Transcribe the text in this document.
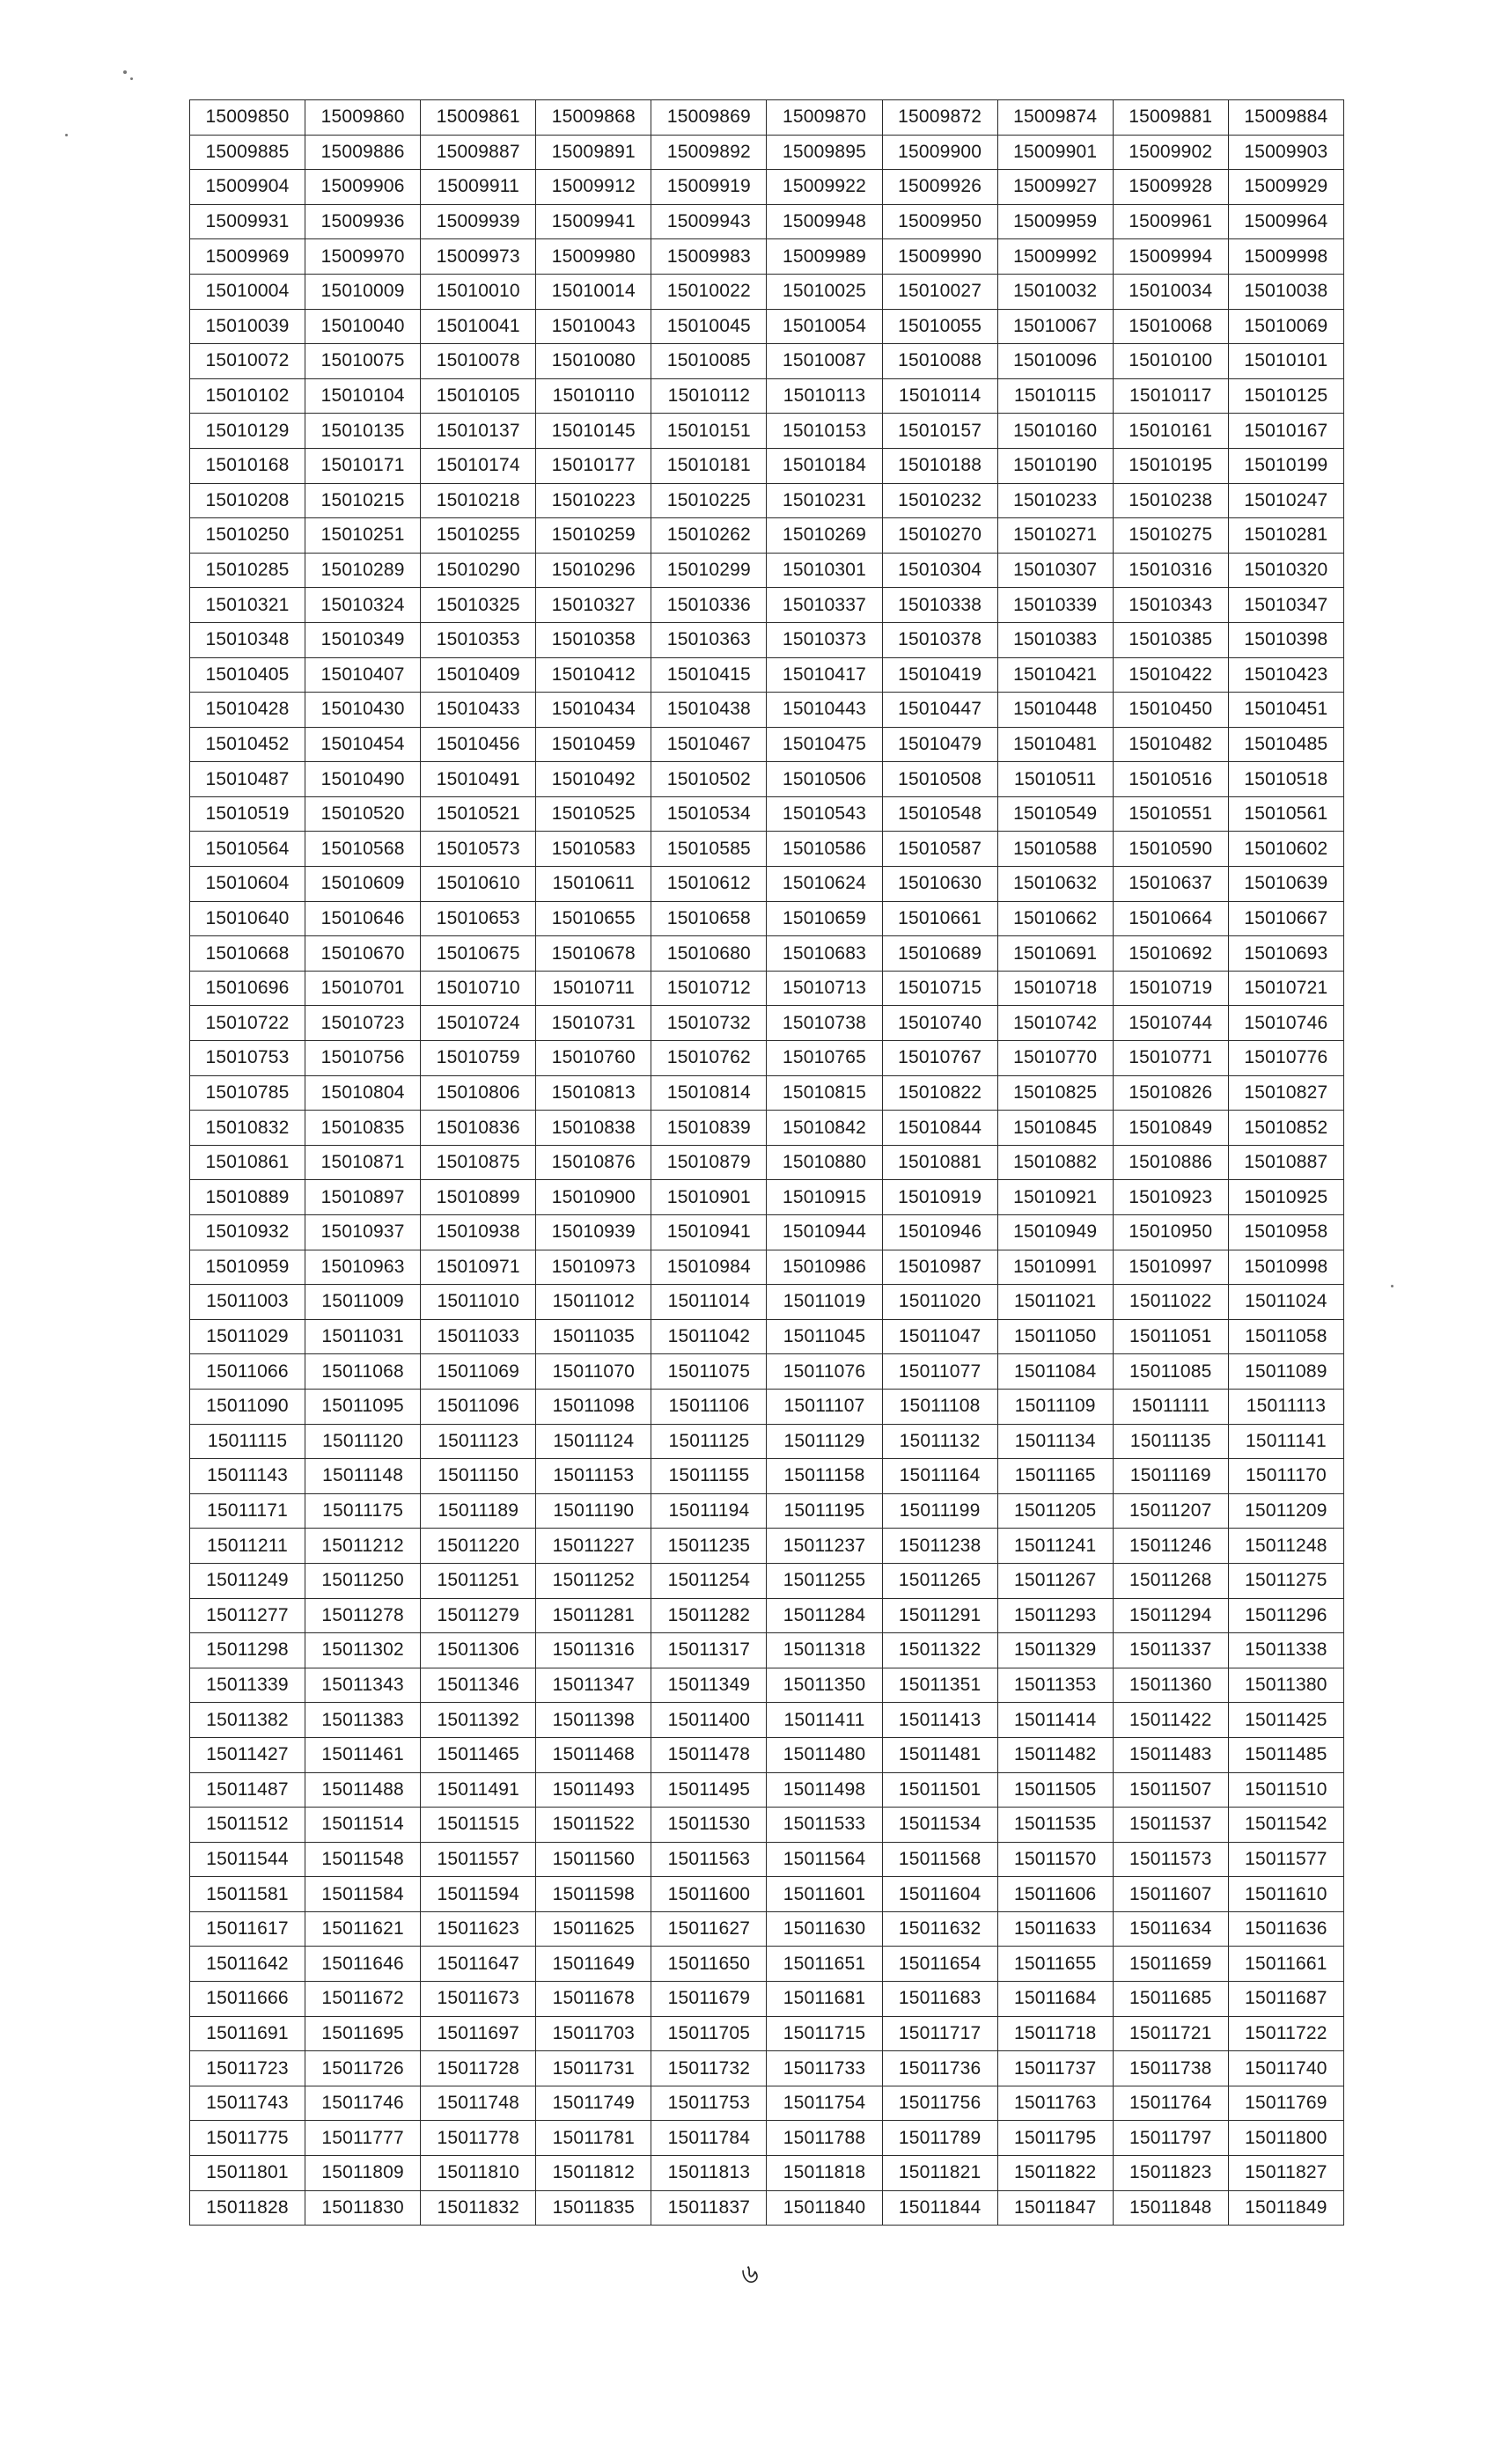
15009850	15009860	15009861	15009868	15009869	15009870	15009872	15009874	15009881	15009884
15009885	15009886	15009887	15009891	15009892	15009895	15009900	15009901	15009902	15009903
15009904	15009906	15009911	15009912	15009919	15009922	15009926	15009927	15009928	15009929
15009931	15009936	15009939	15009941	15009943	15009948	15009950	15009959	15009961	15009964
15009969	15009970	15009973	15009980	15009983	15009989	15009990	15009992	15009994	15009998
15010004	15010009	15010010	15010014	15010022	15010025	15010027	15010032	15010034	15010038
15010039	15010040	15010041	15010043	15010045	15010054	15010055	15010067	15010068	15010069
15010072	15010075	15010078	15010080	15010085	15010087	15010088	15010096	15010100	15010101
15010102	15010104	15010105	15010110	15010112	15010113	15010114	15010115	15010117	15010125
15010129	15010135	15010137	15010145	15010151	15010153	15010157	15010160	15010161	15010167
15010168	15010171	15010174	15010177	15010181	15010184	15010188	15010190	15010195	15010199
15010208	15010215	15010218	15010223	15010225	15010231	15010232	15010233	15010238	15010247
15010250	15010251	15010255	15010259	15010262	15010269	15010270	15010271	15010275	15010281
15010285	15010289	15010290	15010296	15010299	15010301	15010304	15010307	15010316	15010320
15010321	15010324	15010325	15010327	15010336	15010337	15010338	15010339	15010343	15010347
15010348	15010349	15010353	15010358	15010363	15010373	15010378	15010383	15010385	15010398
15010405	15010407	15010409	15010412	15010415	15010417	15010419	15010421	15010422	15010423
15010428	15010430	15010433	15010434	15010438	15010443	15010447	15010448	15010450	15010451
15010452	15010454	15010456	15010459	15010467	15010475	15010479	15010481	15010482	15010485
15010487	15010490	15010491	15010492	15010502	15010506	15010508	15010511	15010516	15010518
15010519	15010520	15010521	15010525	15010534	15010543	15010548	15010549	15010551	15010561
15010564	15010568	15010573	15010583	15010585	15010586	15010587	15010588	15010590	15010602
15010604	15010609	15010610	15010611	15010612	15010624	15010630	15010632	15010637	15010639
15010640	15010646	15010653	15010655	15010658	15010659	15010661	15010662	15010664	15010667
15010668	15010670	15010675	15010678	15010680	15010683	15010689	15010691	15010692	15010693
15010696	15010701	15010710	15010711	15010712	15010713	15010715	15010718	15010719	15010721
15010722	15010723	15010724	15010731	15010732	15010738	15010740	15010742	15010744	15010746
15010753	15010756	15010759	15010760	15010762	15010765	15010767	15010770	15010771	15010776
15010785	15010804	15010806	15010813	15010814	15010815	15010822	15010825	15010826	15010827
15010832	15010835	15010836	15010838	15010839	15010842	15010844	15010845	15010849	15010852
15010861	15010871	15010875	15010876	15010879	15010880	15010881	15010882	15010886	15010887
15010889	15010897	15010899	15010900	15010901	15010915	15010919	15010921	15010923	15010925
15010932	15010937	15010938	15010939	15010941	15010944	15010946	15010949	15010950	15010958
15010959	15010963	15010971	15010973	15010984	15010986	15010987	15010991	15010997	15010998
15011003	15011009	15011010	15011012	15011014	15011019	15011020	15011021	15011022	15011024
15011029	15011031	15011033	15011035	15011042	15011045	15011047	15011050	15011051	15011058
15011066	15011068	15011069	15011070	15011075	15011076	15011077	15011084	15011085	15011089
15011090	15011095	15011096	15011098	15011106	15011107	15011108	15011109	15011111	15011113
15011115	15011120	15011123	15011124	15011125	15011129	15011132	15011134	15011135	15011141
15011143	15011148	15011150	15011153	15011155	15011158	15011164	15011165	15011169	15011170
15011171	15011175	15011189	15011190	15011194	15011195	15011199	15011205	15011207	15011209
15011211	15011212	15011220	15011227	15011235	15011237	15011238	15011241	15011246	15011248
15011249	15011250	15011251	15011252	15011254	15011255	15011265	15011267	15011268	15011275
15011277	15011278	15011279	15011281	15011282	15011284	15011291	15011293	15011294	15011296
15011298	15011302	15011306	15011316	15011317	15011318	15011322	15011329	15011337	15011338
15011339	15011343	15011346	15011347	15011349	15011350	15011351	15011353	15011360	15011380
15011382	15011383	15011392	15011398	15011400	15011411	15011413	15011414	15011422	15011425
15011427	15011461	15011465	15011468	15011478	15011480	15011481	15011482	15011483	15011485
15011487	15011488	15011491	15011493	15011495	15011498	15011501	15011505	15011507	15011510
15011512	15011514	15011515	15011522	15011530	15011533	15011534	15011535	15011537	15011542
15011544	15011548	15011557	15011560	15011563	15011564	15011568	15011570	15011573	15011577
15011581	15011584	15011594	15011598	15011600	15011601	15011604	15011606	15011607	15011610
15011617	15011621	15011623	15011625	15011627	15011630	15011632	15011633	15011634	15011636
15011642	15011646	15011647	15011649	15011650	15011651	15011654	15011655	15011659	15011661
15011666	15011672	15011673	15011678	15011679	15011681	15011683	15011684	15011685	15011687
15011691	15011695	15011697	15011703	15011705	15011715	15011717	15011718	15011721	15011722
15011723	15011726	15011728	15011731	15011732	15011733	15011736	15011737	15011738	15011740
15011743	15011746	15011748	15011749	15011753	15011754	15011756	15011763	15011764	15011769
15011775	15011777	15011778	15011781	15011784	15011788	15011789	15011795	15011797	15011800
15011801	15011809	15011810	15011812	15011813	15011818	15011821	15011822	15011823	15011827
15011828	15011830	15011832	15011835	15011837	15011840	15011844	15011847	15011848	15011849
৬
